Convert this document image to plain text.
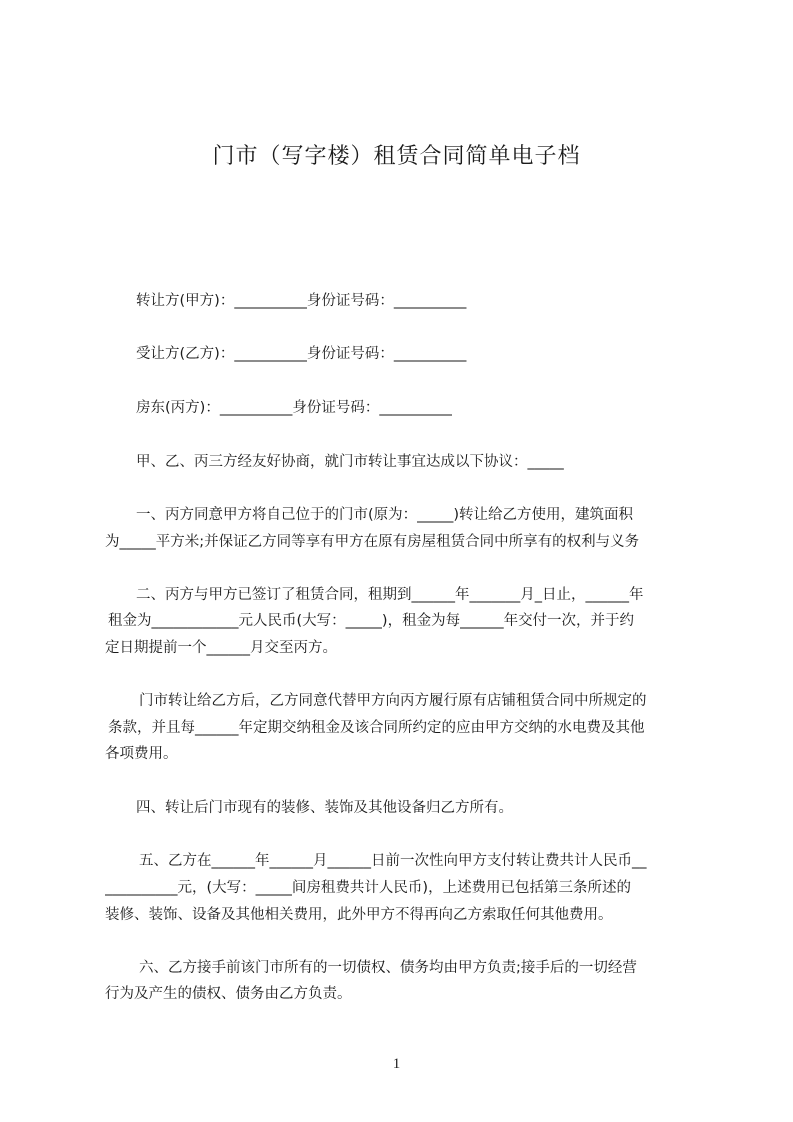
门市（写字楼）租赁合同简单电子档
转让方(甲方)：__________身份证号码：__________
受让方(乙方)：__________身份证号码：__________
房东(丙方)：__________身份证号码：__________
甲、乙、丙三方经友好协商，就门市转让事宜达成以下协议：_____
一、丙方同意甲方将自己位于的门市(原为：_____)转让给乙方使用，建筑面积
为_____平方米;并保证乙方同等享有甲方在原有房屋租赁合同中所享有的权利与义务
二、丙方与甲方已签订了租赁合同，租期到______年_______月_日止，______年
租金为____________元人民币(大写：_____)，租金为每______年交付一次，并于约
定日期提前一个______月交至丙方。
门市转让给乙方后，乙方同意代替甲方向丙方履行原有店铺租赁合同中所规定的
条款，并且每______年定期交纳租金及该合同所约定的应由甲方交纳的水电费及其他
各项费用。
四、转让后门市现有的装修、装饰及其他设备归乙方所有。
五、乙方在______年______月______日前一次性向甲方支付转让费共计人民币__
__________元，(大写：_____间房租费共计人民币)，上述费用已包括第三条所述的
装修、装饰、设备及其他相关费用，此外甲方不得再向乙方索取任何其他费用。
六、乙方接手前该门市所有的一切债权、债务均由甲方负责;接手后的一切经营
行为及产生的债权、债务由乙方负责。
1
